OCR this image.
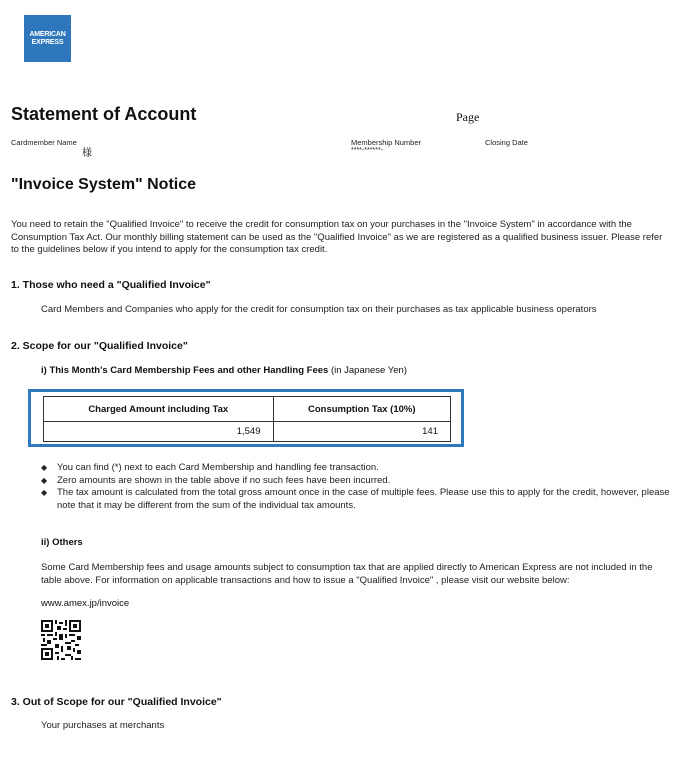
AMERICAN
EXPRESS
Statement of Account	Page
Cardmember Name
様
Membership Number
****-******-
Closing Date
"Invoice System" Notice
You need to retain the "Qualified Invoice" to receive the credit for consumption tax on your purchases in the "Invoice System" in accordance with the Consumption Tax Act. Our monthly billing statement can be used as the "Qualified Invoice" as we are registered as a qualified business issuer. Please refer to the guidelines below if you intend to apply for the consumption tax credit.
1. Those who need a "Qualified Invoice"
Card Members and Companies who apply for the credit for consumption tax on their purchases as tax applicable business operators
2. Scope for our "Qualified Invoice"
i) This Month's Card Membership Fees and other Handling Fees (in Japanese Yen)
Charged Amount including Tax	Consumption Tax (10%)
1,549	141
◆	You can find (*) next to each Card Membership and handling fee transaction.
◆	Zero amounts are shown in the table above if no such fees have been incurred.
◆	The tax amount is calculated from the total gross amount once in the case of multiple fees. Please use this to apply for the credit, however, please note that it may be different from the sum of the individual tax amounts.
ii) Others
Some Card Membership fees and usage amounts subject to consumption tax that are applied directly to American Express are not included in the table above. For information on applicable transactions and how to issue a "Qualified Invoice" , please visit our website below:
www.amex.jp/invoice
3. Out of Scope for our "Qualified Invoice"
Your purchases at merchants
